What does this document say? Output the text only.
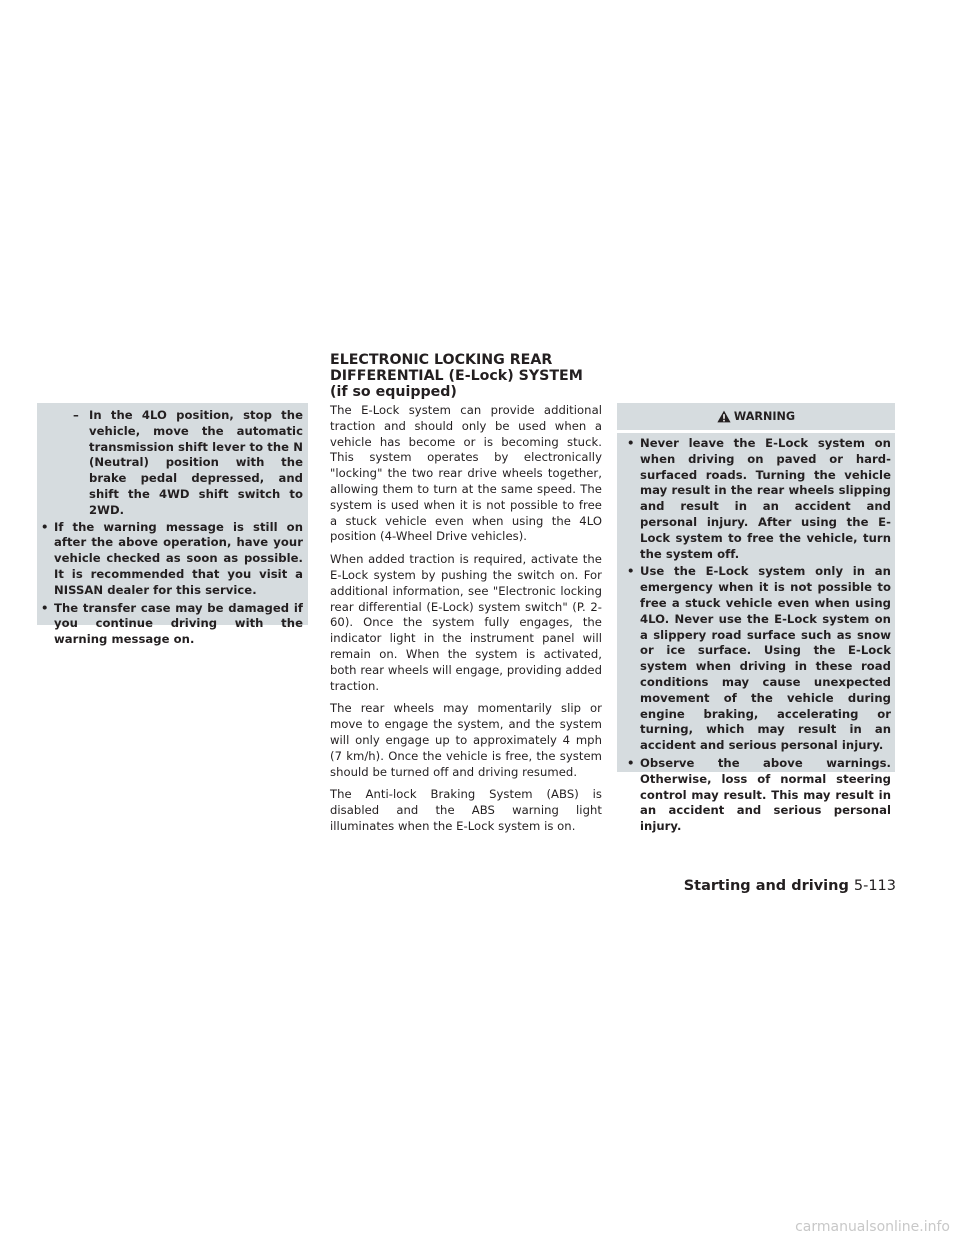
– In the 4LO position, stop the vehicle, move the automatic transmission shift lever to the N (Neutral) position with the brake pedal depressed, and shift the 4WD shift switch to 2WD.
• If the warning message is still on after the above operation, have your vehicle checked as soon as possible. It is recommended that you visit a NISSAN dealer for this service.
• The transfer case may be damaged if you continue driving with the warning message on.
ELECTRONIC LOCKING REAR DIFFERENTIAL (E-Lock) SYSTEM (if so equipped)

The E-Lock system can provide additional traction and should only be used when a vehicle has become or is becoming stuck. This system operates by electronically "locking" the two rear drive wheels together, allowing them to turn at the same speed. The system is used when it is not possible to free a stuck vehicle even when using the 4LO position (4-Wheel Drive vehicles).

When added traction is required, activate the E-Lock system by pushing the switch on. For additional information, see "Electronic locking rear differential (E-Lock) system switch" (P. 2-60). Once the system fully engages, the indicator light in the instrument panel will remain on. When the system is activated, both rear wheels will engage, providing added traction.

The rear wheels may momentarily slip or move to engage the system, and the system will only engage up to approximately 4 mph (7 km/h). Once the vehicle is free, the system should be turned off and driving resumed.

The Anti-lock Braking System (ABS) is disabled and the ABS warning light illuminates when the E-Lock system is on.

WARNING
• Never leave the E-Lock system on when driving on paved or hard-surfaced roads. Turning the vehicle may result in the rear wheels slipping and result in an accident and personal injury. After using the E-Lock system to free the vehicle, turn the system off.
• Use the E-Lock system only in an emergency when it is not possible to free a stuck vehicle even when using 4LO. Never use the E-Lock system on a slippery road surface such as snow or ice surface. Using the E-Lock system when driving in these road conditions may cause unexpected movement of the vehicle during engine braking, accelerating or turning, which may result in an accident and serious personal injury.
• Observe the above warnings. Otherwise, loss of normal steering control may result. This may result in an accident and serious personal injury.
Starting and driving 5-113
carmanualsonline.info
